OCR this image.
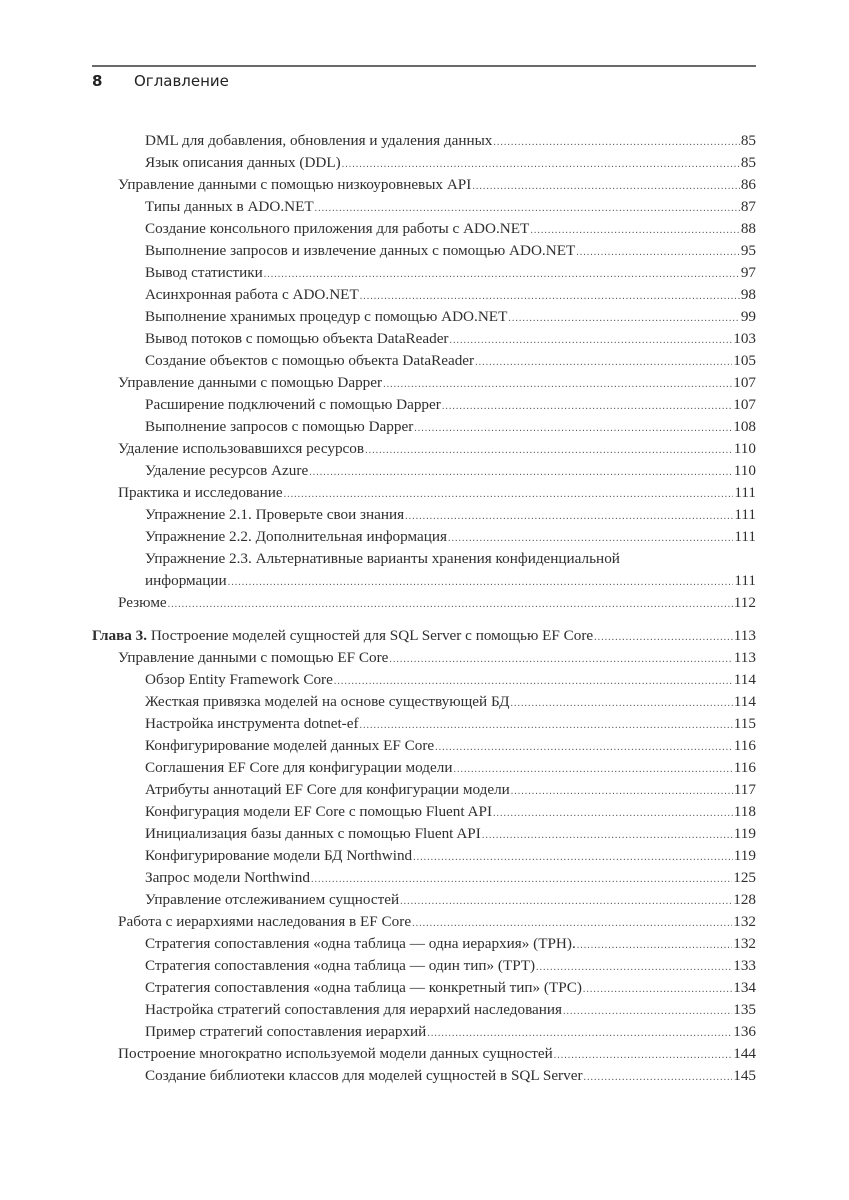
8 Оглавление
DML для добавления, обновления и удаления данных .....	85
Язык описания данных (DDL) .....	85
Управление данными с помощью низкоуровневых API .....	86
Типы данных в ADO.NET .....	87
Создание консольного приложения для работы с ADO.NET .....	88
Выполнение запросов и извлечение данных с помощью ADO.NET .....	95
Вывод статистики .....	97
Асинхронная работа с ADO.NET .....	98
Выполнение хранимых процедур с помощью ADO.NET .....	99
Вывод потоков с помощью объекта DataReader .....	103
Создание объектов с помощью объекта DataReader .....	105
Управление данными с помощью Dapper .....	107
Расширение подключений с помощью Dapper .....	107
Выполнение запросов с помощью Dapper .....	108
Удаление использовавшихся ресурсов .....	110
Удаление ресурсов Azure .....	110
Практика и исследование .....	111
Упражнение 2.1. Проверьте свои знания .....	111
Упражнение 2.2. Дополнительная информация .....	111
Упражнение 2.3. Альтернативные варианты хранения конфиденциальной
информации .....	111
Резюме .....	112
Глава 3. Построение моделей сущностей для SQL Server с помощью EF Core .....	113
Управление данными с помощью EF Core .....	113
Обзор Entity Framework Core .....	114
Жесткая привязка моделей на основе существующей БД .....	114
Настройка инструмента dotnet-ef .....	115
Конфигурирование моделей данных EF Core .....	116
Соглашения EF Core для конфигурации модели .....	116
Атрибуты аннотаций EF Core для конфигурации модели .....	117
Конфигурация модели EF Core с помощью Fluent API .....	118
Инициализация базы данных с помощью Fluent API .....	119
Конфигурирование модели БД Northwind .....	119
Запрос модели Northwind .....	125
Управление отслеживанием сущностей .....	128
Работа с иерархиями наследования в EF Core .....	132
Стратегия сопоставления «одна таблица — одна иерархия» (TPH). .....	132
Стратегия сопоставления «одна таблица — один тип» (TPT) .....	133
Стратегия сопоставления «одна таблица — конкретный тип» (TPC) .....	134
Настройка стратегий сопоставления для иерархий наследования .....	135
Пример стратегий сопоставления иерархий .....	136
Построение многократно используемой модели данных сущностей .....	144
Создание библиотеки классов для моделей сущностей в SQL Server .....	145
